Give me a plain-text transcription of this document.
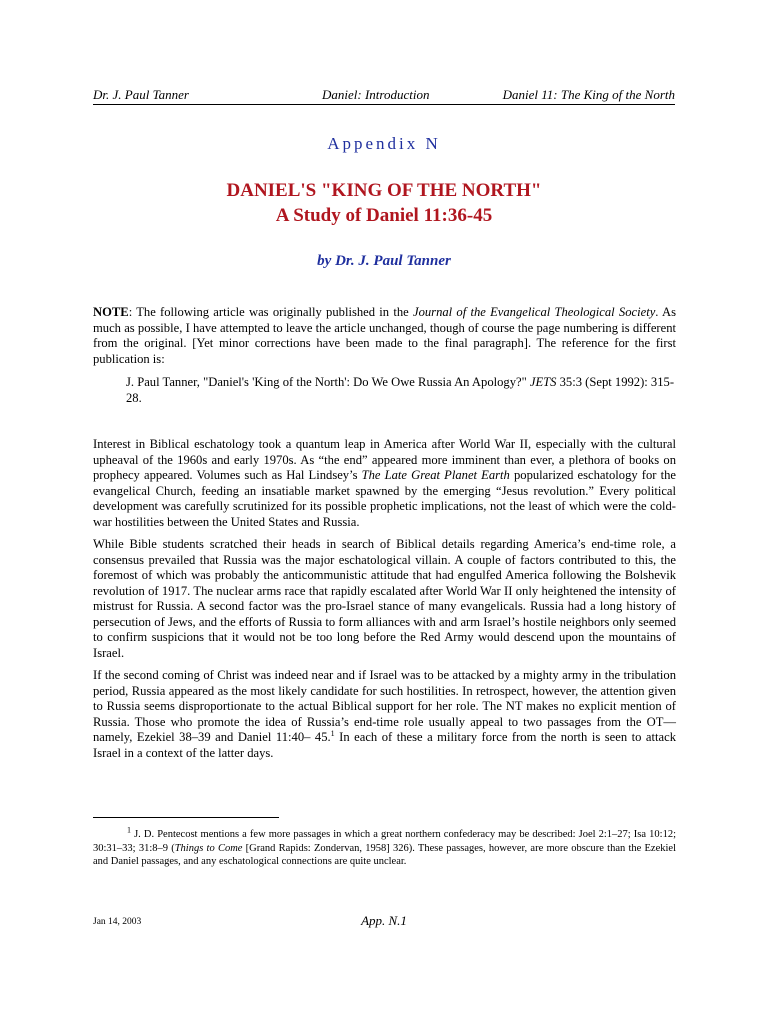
Dr. J. Paul Tanner	Daniel: Introduction	Daniel 11: The King of the North
Appendix N
DANIEL'S "KING OF THE NORTH"
A Study of Daniel 11:36-45
by Dr. J. Paul Tanner

NOTE: The following article was originally published in the Journal of the Evangelical Theological Society. As much as possible, I have attempted to leave the article unchanged, though of course the page numbering is different from the original. [Yet minor corrections have been made to the final paragraph]. The reference for the first publication is:

J. Paul Tanner, "Daniel's 'King of the North': Do We Owe Russia An Apology?" JETS 35:3 (Sept 1992): 315-28.

Interest in Biblical eschatology took a quantum leap in America after World War II, especially with the cultural upheaval of the 1960s and early 1970s. As “the end” appeared more imminent than ever, a plethora of books on prophecy appeared. Volumes such as Hal Lindsey’s The Late Great Planet Earth popularized eschatology for the evangelical Church, feeding an insatiable market spawned by the emerging “Jesus revolution.” Every political development was carefully scrutinized for its possible prophetic implications, not the least of which were the cold-war hostilities between the United States and Russia.

While Bible students scratched their heads in search of Biblical details regarding America’s end-time role, a consensus prevailed that Russia was the major eschatological villain. A couple of factors contributed to this, the foremost of which was probably the anticommunistic attitude that had engulfed America following the Bolshevik revolution of 1917. The nuclear arms race that rapidly escalated after World War II only heightened the intensity of mistrust for Russia. A second factor was the pro-Israel stance of many evangelicals. Russia had a long history of persecution of Jews, and the efforts of Russia to form alliances with and arm Israel’s hostile neighbors only seemed to confirm suspicions that it would not be too long before the Red Army would descend upon the mountains of Israel.

If the second coming of Christ was indeed near and if Israel was to be attacked by a mighty army in the tribulation period, Russia appeared as the most likely candidate for such hostilities. In retrospect, however, the attention given to Russia seems disproportionate to the actual Biblical support for her role. The NT makes no explicit mention of Russia. Those who promote the idea of Russia’s end-time role usually appeal to two passages from the OT—namely, Ezekiel 38–39 and Daniel 11:40– 45.$^1$ In each of these a military force from the north is seen to attack Israel in a context of the latter days.

$^1$ J. D. Pentecost mentions a few more passages in which a great northern confederacy may be described: Joel 2:1–27; Isa 10:12; 30:31–33; 31:8–9 (Things to Come [Grand Rapids: Zondervan, 1958] 326). These passages, however, are more obscure than the Ezekiel and Daniel passages, and any eschatological connections are quite unclear.
Jan 14, 2003	App. N.1
